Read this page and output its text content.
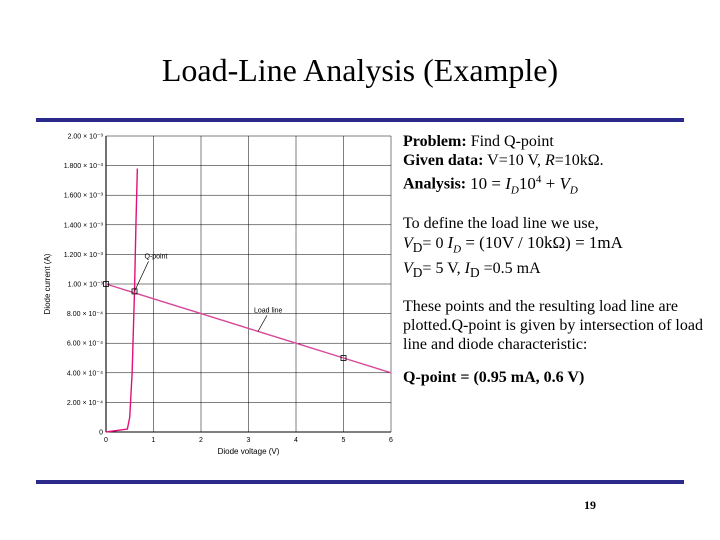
Load-Line Analysis (Example)
0	1	2	3	4	5	6
0
2.00 × 10⁻⁴
4.00 × 10⁻⁴
6.00 × 10⁻⁴
8.00 × 10⁻⁴
1.00 × 10⁻³
1.200 × 10⁻³
1.400 × 10⁻³
1.600 × 10⁻³
1.800 × 10⁻³
2.00 × 10⁻³
Diode voltage (V)
Diode current (A)	Q-point
Load line

Problem: Find Q-point

Given data: V=10 V, R=10kΩ.

Analysis: $10 = I_D10^4 + V_D$

To define the load line we use,

$V_D= 0$ $I_D = (10V / 10k\Omega) = 1mA$

$V_D= 5$ V, $I_D =0.5$ mA

These points and the resulting load line are plotted.Q-point is given by intersection of load line and diode characteristic:

Q-point = (0.95 mA, 0.6 V)

19
